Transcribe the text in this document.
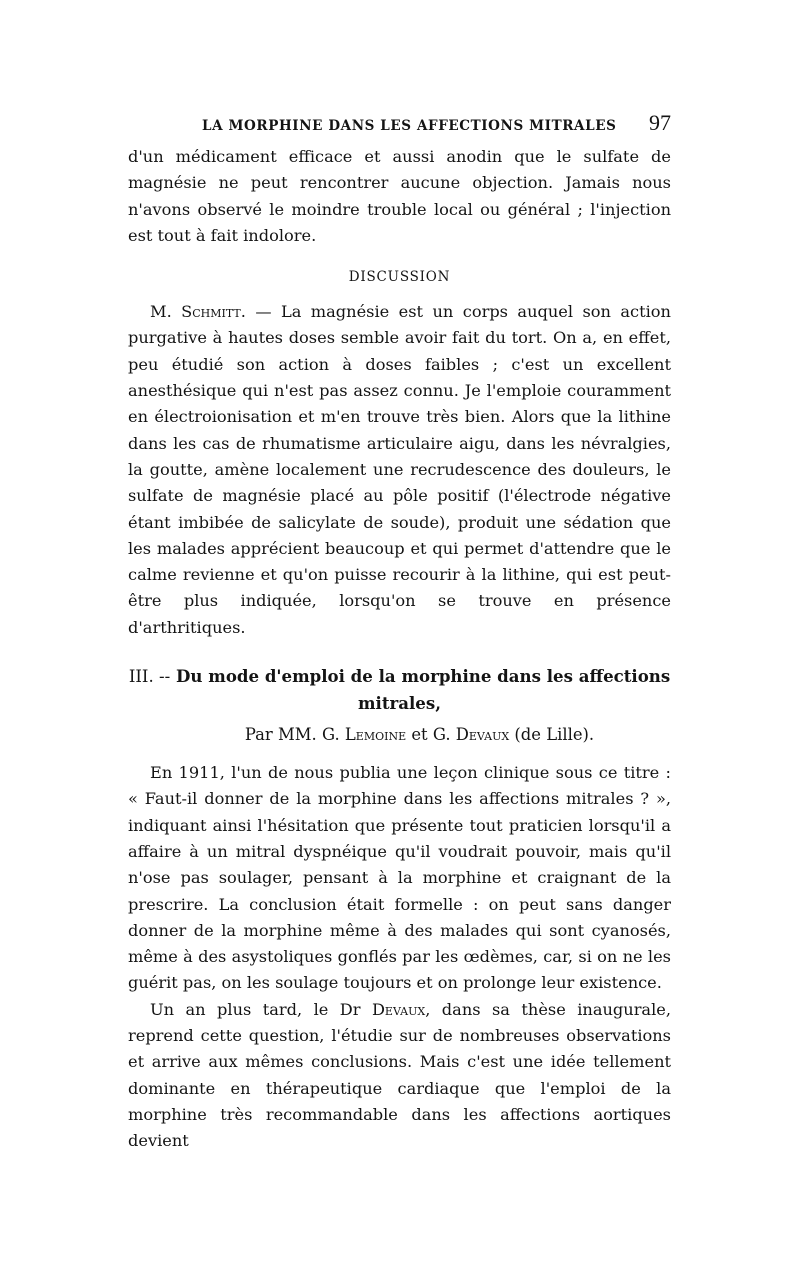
LA MORPHINE DANS LES AFFECTIONS MITRALES 97

d'un médicament efficace et aussi anodin que le sulfate de magnésie ne peut rencontrer aucune objection. Jamais nous n'avons observé le moindre trouble local ou général ; l'injection est tout à fait indolore.

DISCUSSION

M. Schmitt. — La magnésie est un corps auquel son action purgative à hautes doses semble avoir fait du tort. On a, en effet, peu étudié son action à doses faibles ; c'est un excellent anesthésique qui n'est pas assez connu. Je l'emploie couramment en électroionisation et m'en trouve très bien. Alors que la lithine dans les cas de rhumatisme articulaire aigu, dans les névralgies, la goutte, amène localement une recrudescence des douleurs, le sulfate de magnésie placé au pôle positif (l'électrode négative étant imbibée de salicylate de soude), produit une sédation que les malades apprécient beaucoup et qui permet d'attendre que le calme revienne et qu'on puisse recourir à la lithine, qui est peut-être plus indiquée, lorsqu'on se trouve en présence d'arthritiques.

III. -- Du mode d'emploi de la morphine dans les affections
mitrales,
Par MM. G. Lemoine et G. Devaux (de Lille).

En 1911, l'un de nous publia une leçon clinique sous ce titre : « Faut-il donner de la morphine dans les affections mitrales ? », indiquant ainsi l'hésitation que présente tout praticien lorsqu'il a affaire à un mitral dyspnéique qu'il voudrait pouvoir, mais qu'il n'ose pas soulager, pensant à la morphine et craignant de la prescrire. La conclusion était formelle : on peut sans danger donner de la morphine même à des malades qui sont cyanosés, même à des asystoliques gonflés par les œdèmes, car, si on ne les guérit pas, on les soulage toujours et on prolonge leur existence.

Un an plus tard, le Dr Devaux, dans sa thèse inaugurale, reprend cette question, l'étudie sur de nombreuses observations et arrive aux mêmes conclusions. Mais c'est une idée tellement dominante en thérapeutique cardiaque que l'emploi de la morphine très recommandable dans les affections aortiques devient
